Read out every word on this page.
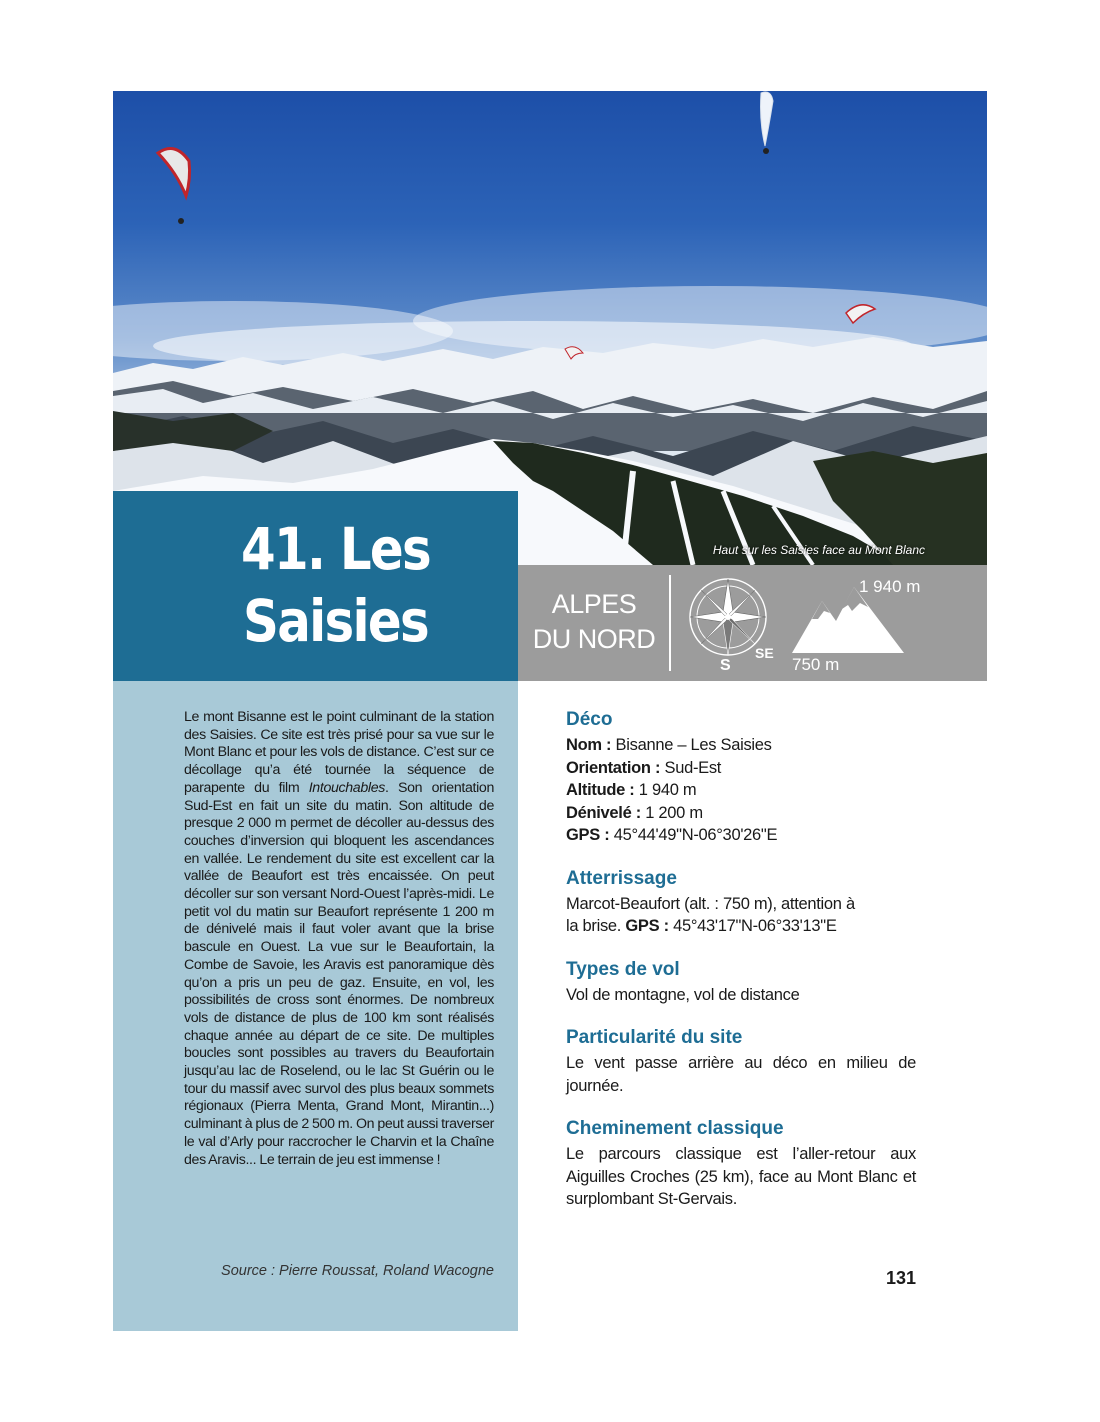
Haut sur les Saisies face au Mont Blanc
41. Les
Saisies	ALPES
DU NORD
S
SE
1 940 m
750 m

Le mont Bisanne est le point culminant de la station des Saisies. Ce site est très prisé pour sa vue sur le Mont Blanc et pour les vols de distance. C’est sur ce décollage qu’a été tournée la séquence de parapente du film Intouchables. Son orientation Sud-Est en fait un site du matin. Son altitude de presque 2 000 m permet de décoller au-dessus des couches d’inversion qui bloquent les ascendances en vallée. Le rendement du site est excellent car la vallée de Beaufort est très encaissée. On peut décoller sur son versant Nord-Ouest l’après-midi. Le petit vol du matin sur Beaufort représente 1 200 m de dénivelé mais il faut voler avant que la brise bascule en Ouest. La vue sur le Beaufortain, la Combe de Savoie, les Aravis est panoramique dès qu’on a pris un peu de gaz. Ensuite, en vol, les possibilités de cross sont énormes. De nombreux vols de distance de plus de 100 km sont réalisés chaque année au départ de ce site. De multiples boucles sont possibles au travers du Beaufortain jusqu’au lac de Roselend, ou le lac St Guérin ou le tour du massif avec survol des plus beaux sommets régionaux (Pierra Menta, Grand Mont, Mirantin...) culminant à plus de 2 500 m. On peut aussi traverser le val d’Arly pour raccrocher le Charvin et la Chaîne des Aravis... Le terrain de jeu est immense !

Source : Pierre Roussat, Roland Wacogne

Déco

Nom : Bisanne – Les Saisies

Orientation : Sud-Est

Altitude : 1 940 m

Dénivelé : 1 200 m

GPS : 45°44'49"N-06°30'26"E

Atterrissage

Marcot-Beaufort (alt. : 750 m), attention à

la brise. GPS : 45°43'17"N-06°33'13"E

Types de vol

Vol de montagne, vol de distance

Particularité du site

Le vent passe arrière au déco en milieu de journée.

Cheminement classique

Le parcours classique est l’aller-retour aux Aiguilles Croches (25 km), face au Mont Blanc et surplombant St-Gervais.

131
